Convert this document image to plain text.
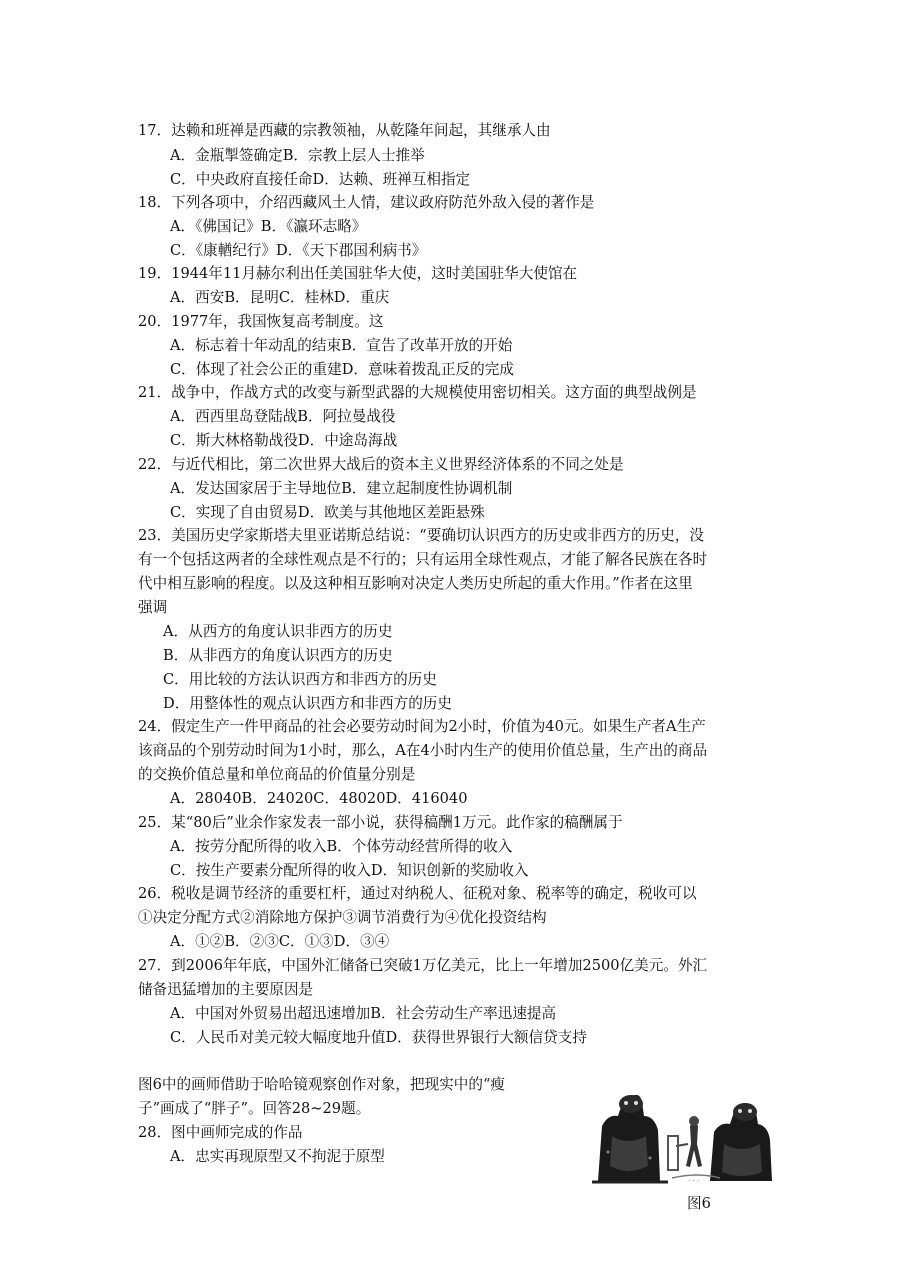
17．达赖和班禅是西藏的宗教领袖，从乾隆年间起，其继承人由
A．金瓶掣签确定B．宗教上层人士推举
C．中央政府直接任命D．达赖、班禅互相指定
18．下列各项中，介绍西藏风土人情，建议政府防范外敌入侵的著作是
A．《佛国记》B．《瀛环志略》
C．《康輶纪行》D．《天下郡国利病书》
19．1944年11月赫尔利出任美国驻华大使，这时美国驻华大使馆在
A．西安B．昆明C．桂林D．重庆
20．1977年，我国恢复高考制度。这
A．标志着十年动乱的结束B．宣告了改革开放的开始
C．体现了社会公正的重建D．意味着拨乱正反的完成
21．战争中，作战方式的改变与新型武器的大规模使用密切相关。这方面的典型战例是
A．西西里岛登陆战B．阿拉曼战役
C．斯大林格勒战役D．中途岛海战
22．与近代相比，第二次世界大战后的资本主义世界经济体系的不同之处是
A．发达国家居于主导地位B．建立起制度性协调机制
C．实现了自由贸易D．欧美与其他地区差距悬殊
23．美国历史学家斯塔夫里亚诺斯总结说：“要确切认识西方的历史或非西方的历史，没
有一个包括这两者的全球性观点是不行的；只有运用全球性观点，才能了解各民族在各时
代中相互影响的程度。以及这种相互影响对决定人类历史所起的重大作用。”作者在这里
强调
A．从西方的角度认识非西方的历史
B．从非西方的角度认识西方的历史
C．用比较的方法认识西方和非西方的历史
D．用整体性的观点认识西方和非西方的历史
24．假定生产一件甲商品的社会必要劳动时间为2小时，价值为40元。如果生产者A生产
该商品的个别劳动时间为1小时，那么，A在4小时内生产的使用价值总量，生产出的商品
的交换价值总量和单位商品的价值量分别是
A．28040B．24020C．48020D．416040
25．某“80后”业余作家发表一部小说，获得稿酬1万元。此作家的稿酬属于
A．按劳分配所得的收入B．个体劳动经营所得的收入
C．按生产要素分配所得的收入D．知识创新的奖励收入
26．税收是调节经济的重要杠杆，通过对纳税人、征税对象、税率等的确定，税收可以
①决定分配方式②消除地方保护③调节消费行为④优化投资结构
A．①②B．②③C．①③D．③④
27．到2006年年底，中国外汇储备已突破1万亿美元，比上一年增加2500亿美元。外汇
储备迅猛增加的主要原因是
A．中国对外贸易出超迅速增加B．社会劳动生产率迅速提高
C．人民币对美元较大幅度地升值D．获得世界银行大额信贷支持
图6中的画师借助于哈哈镜观察创作对象，把现实中的“瘦
子”画成了“胖子”。回答28~29题。
28．图中画师完成的作品
A．忠实再现原型又不拘泥于原型
· · ·
图6
